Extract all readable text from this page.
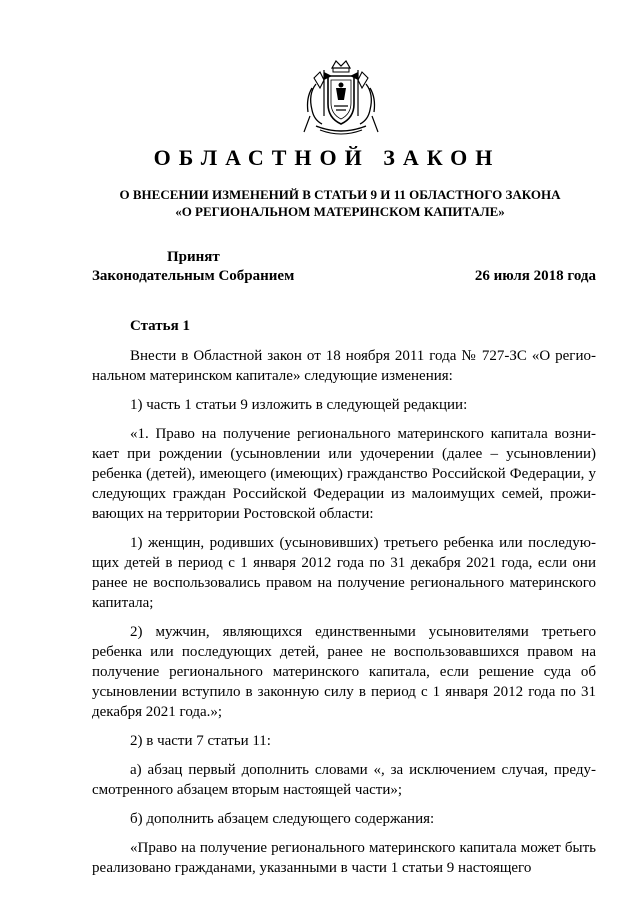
ОБЛАСТНОЙ ЗАКОН
О ВНЕСЕНИИ ИЗМЕНЕНИЙ В СТАТЬИ 9 И 11 ОБЛАСТНОГО ЗАКОНА
«О РЕГИОНАЛЬНОМ МАТЕРИНСКОМ КАПИТАЛЕ»
Принят
Законодательным Собранием	26 июля 2018 года
Статья 1

Внести в Областной закон от 18 ноября 2011 года № 727-ЗС «О региональном материнском капитале» следующие изменения:

1) часть 1 статьи 9 изложить в следующей редакции:

«1. Право на получение регионального материнского капитала возникает при рождении (усыновлении или удочерении (далее – усыновлении) ребенка (детей), имеющего (имеющих) гражданство Российской Федерации, у следующих граждан Российской Федерации из малоимущих семей, проживающих на территории Ростовской области:

1) женщин, родивших (усыновивших) третьего ребенка или последующих детей в период с 1 января 2012 года по 31 декабря 2021 года, если они ранее не воспользовались правом на получение регионального материнского капитала;

2) мужчин, являющихся единственными усыновителями третьего ребенка или последующих детей, ранее не воспользовавшихся правом на получение регионального материнского капитала, если решение суда об усыновлении вступило в законную силу в период с 1 января 2012 года по 31 декабря 2021 года.»;

2) в части 7 статьи 11:

а) абзац первый дополнить словами «, за исключением случая, предусмотренного абзацем вторым настоящей части»;

б) дополнить абзацем следующего содержания:

«Право на получение регионального материнского капитала может быть реализовано гражданами, указанными в части 1 статьи 9 настоящего
